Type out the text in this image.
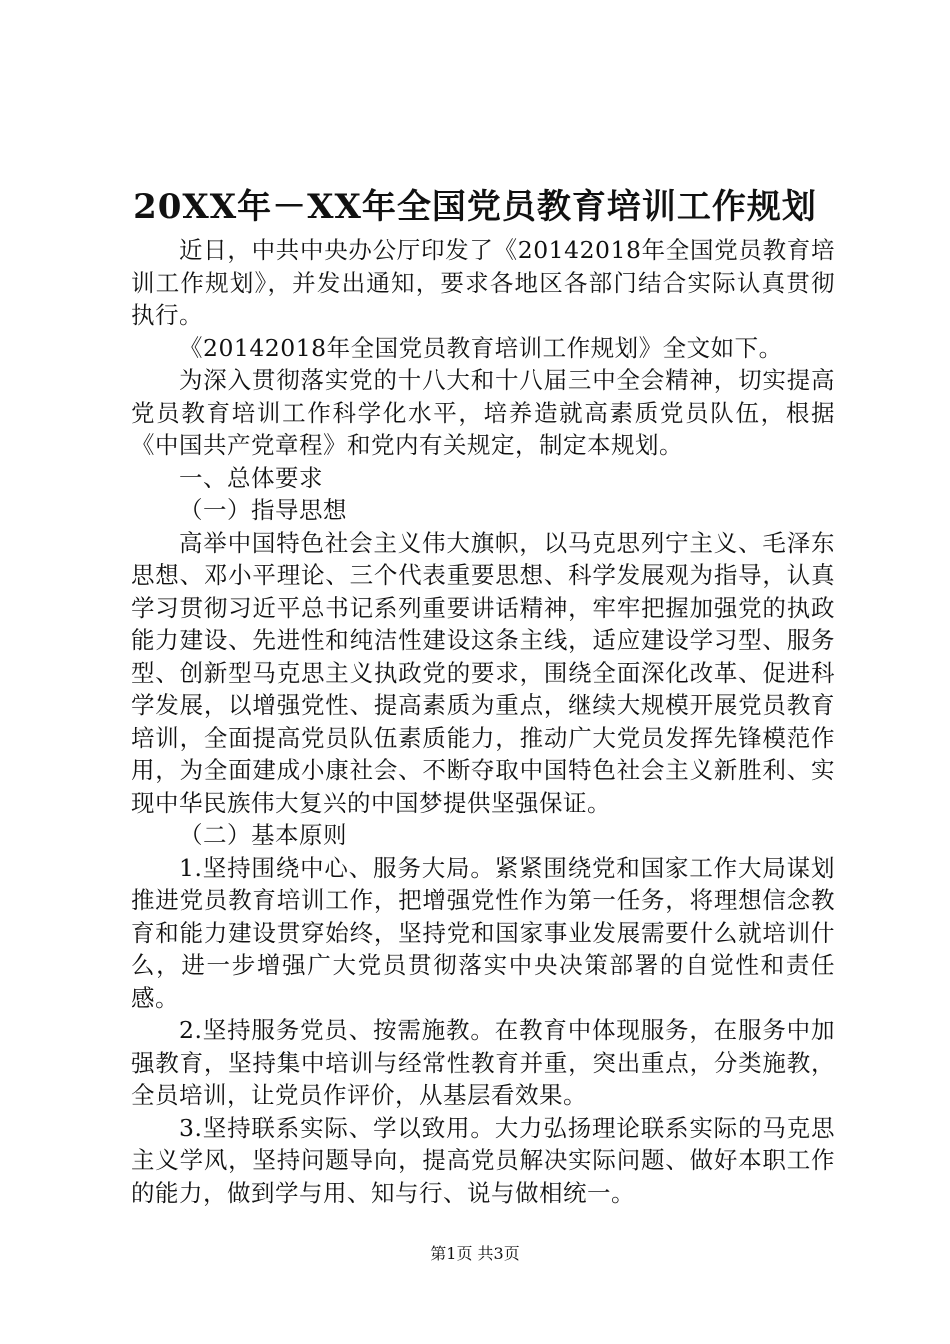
20XX年－XX年全国党员教育培训工作规划

近日，中共中央办公厅印发了《20142018年全国党员教育培训工作规划》，并发出通知，要求各地区各部门结合实际认真贯彻执行。

《20142018年全国党员教育培训工作规划》全文如下。

为深入贯彻落实党的十八大和十八届三中全会精神，切实提高党员教育培训工作科学化水平，培养造就高素质党员队伍，根据《中国共产党章程》和党内有关规定，制定本规划。

一、总体要求

（一）指导思想

高举中国特色社会主义伟大旗帜，以马克思列宁主义、毛泽东思想、邓小平理论、三个代表重要思想、科学发展观为指导，认真学习贯彻习近平总书记系列重要讲话精神，牢牢把握加强党的执政能力建设、先进性和纯洁性建设这条主线，适应建设学习型、服务型、创新型马克思主义执政党的要求，围绕全面深化改革、促进科学发展，以增强党性、提高素质为重点，继续大规模开展党员教育培训，全面提高党员队伍素质能力，推动广大党员发挥先锋模范作用，为全面建成小康社会、不断夺取中国特色社会主义新胜利、实现中华民族伟大复兴的中国梦提供坚强保证。

（二）基本原则

1.坚持围绕中心、服务大局。紧紧围绕党和国家工作大局谋划推进党员教育培训工作，把增强党性作为第一任务，将理想信念教育和能力建设贯穿始终，坚持党和国家事业发展需要什么就培训什么，进一步增强广大党员贯彻落实中央决策部署的自觉性和责任感。

2.坚持服务党员、按需施教。在教育中体现服务，在服务中加强教育，坚持集中培训与经常性教育并重，突出重点，分类施教，全员培训，让党员作评价，从基层看效果。

3.坚持联系实际、学以致用。大力弘扬理论联系实际的马克思主义学风，坚持问题导向，提高党员解决实际问题、做好本职工作的能力，做到学与用、知与行、说与做相统一。

第1页 共3页
